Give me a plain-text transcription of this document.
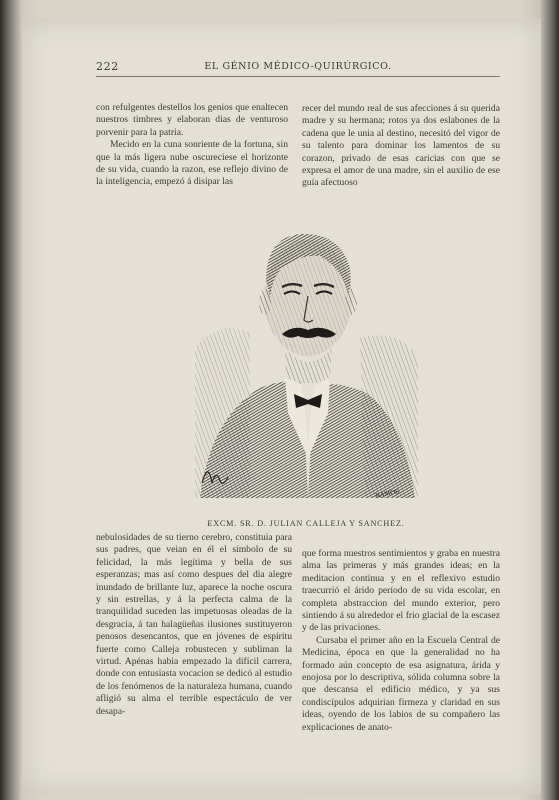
222	EL GÉNIO MÉDICO-QUIRÚRGICO.

con refulgentes destellos los genios que enaltecen nuestros timbres y elaboran dias de venturoso porvenir para la patria.

Mecido en la cuna sonriente de la fortuna, sin que la más ligera nube oscureciese el horizonte de su vida, cuando la razon, ese reflejo divino de la inteligencia, empezó á disipar las

recer del mundo real de sus afecciones á su querida madre y su hermana; rotos ya dos eslabones de la cadena que le unia al destino, necesitó del vigor de su talento para dominar los lamentos de su corazon, privado de esas caricias con que se expresa el amor de una madre, sin el auxilio de ese guía afectuoso

RAMOS
EXCM. SR. D. JULIAN CALLEJA Y SANCHEZ.

nebulosidades de su tierno cerebro, constituia para sus padres, que veian en él el símbolo de su felicidad, la más legítima y bella de sus esperanzas; mas así como despues del dia alegre inundado de brillante luz, aparece la noche oscura y sin estrellas, y á la perfecta calma de la tranquilidad suceden las impetuosas oleadas de la desgracia, á tan halagüeñas ilusiones sustituyeron penosos desencantos, que en jóvenes de espíritu fuerte como Calleja robustecen y subliman la virtud. Apénas habia empezado la difícil carrera, donde con entusiasta vocacion se dedicó al estudio de los fenómenos de la naturaleza humana, cuando afligió su alma el terrible espectáculo de ver desapa-

que forma nuestros sentimientos y graba en nuestra alma las primeras y más grandes ideas; en la meditacion contínua y en el reflexivo estudio traecurrió el árido período de su vida escolar, en completa abstraccion del mundo exterior, pero sintiendo á su alrededor el frio glacial de la escasez y de las privaciones.

Cursaba el primer año en la Escuela Central de Medicina, época en que la generalidad no ha formado aún concepto de esa asignatura, árida y enojosa por lo descriptiva, sólida columna sobre la que descansa el edificio médico, y ya sus condiscípulos adquirian firmeza y claridad en sus ideas, oyendo de los labios de su compañero las explicaciones de anato-
